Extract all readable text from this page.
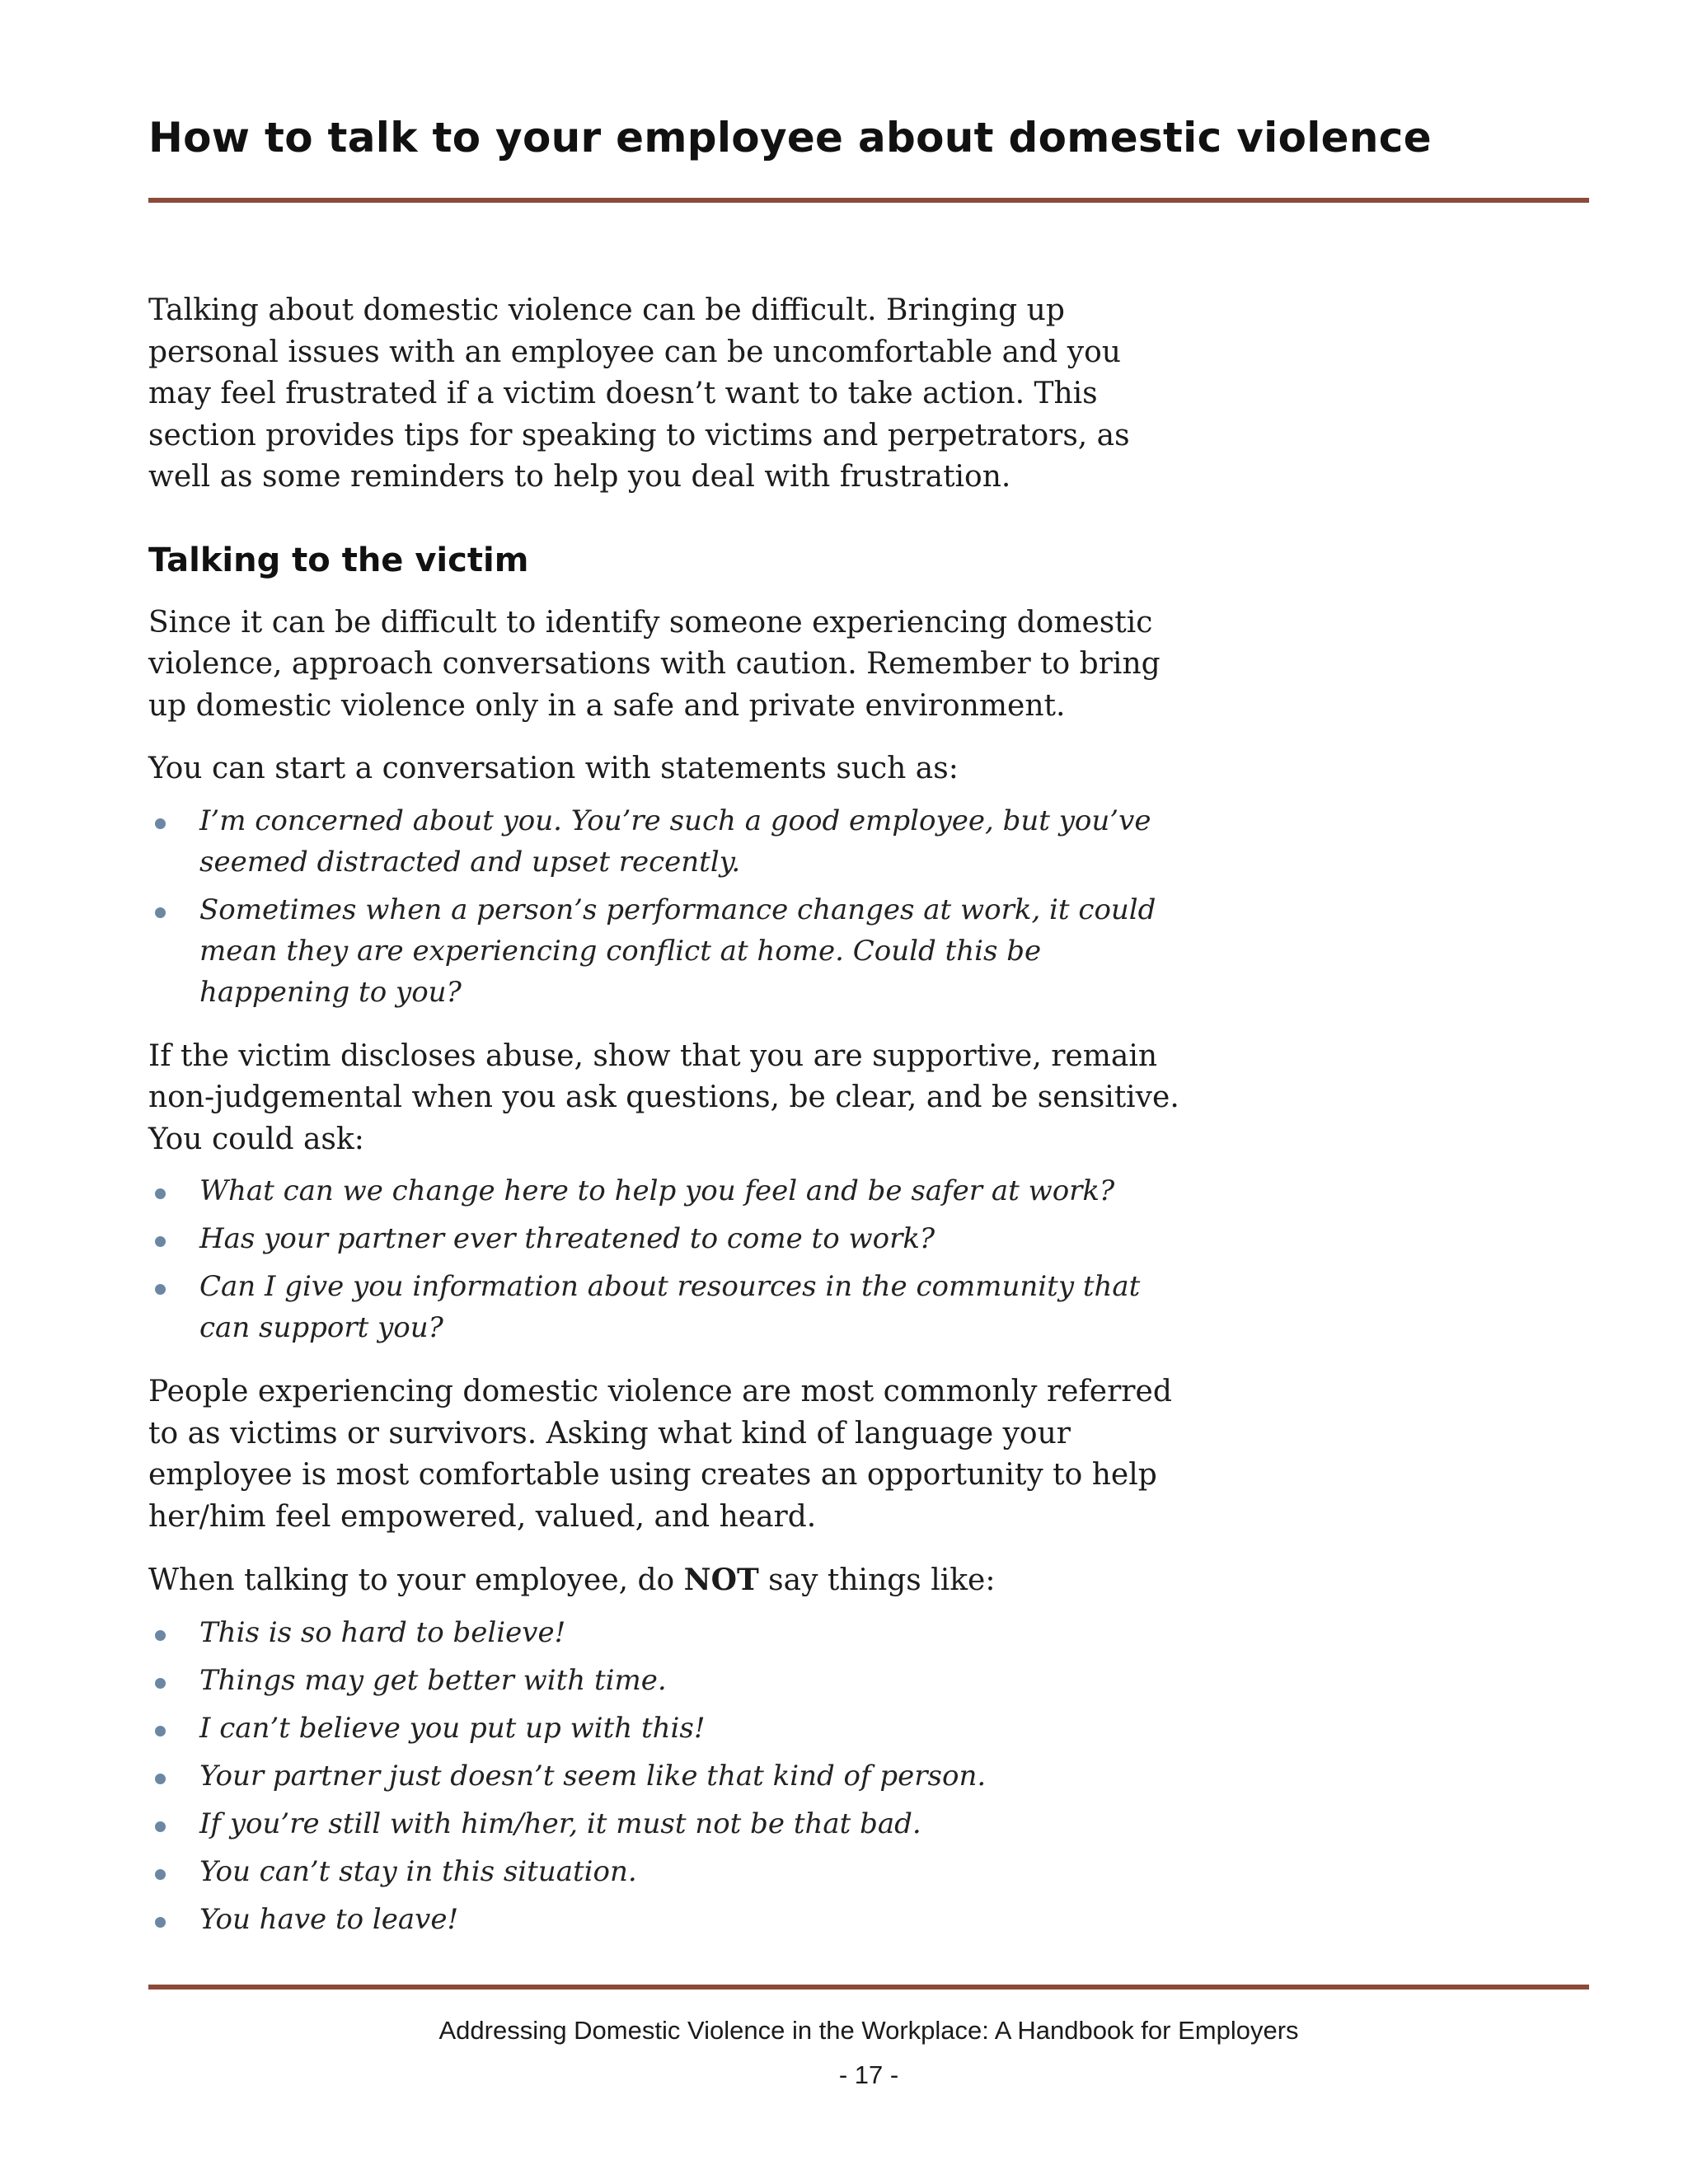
How to talk to your employee about domestic violence

Talking about domestic violence can be difficult. Bringing up personal issues with an employee can be uncomfortable and you may feel frustrated if a victim doesn’t want to take action. This section provides tips for speaking to victims and perpetrators, as well as some reminders to help you deal with frustration.

Talking to the victim

Since it can be difficult to identify someone experiencing domestic violence, approach conversations with caution. Remember to bring up domestic violence only in a safe and private environment.

You can start a conversation with statements such as:

I’m concerned about you. You’re such a good employee, but you’ve seemed distracted and upset recently.
Sometimes when a person’s performance changes at work, it could mean they are experiencing conflict at home. Could this be happening to you?

If the victim discloses abuse, show that you are supportive, remain non-judgemental when you ask questions, be clear, and be sensitive. You could ask:

What can we change here to help you feel and be safer at work?
Has your partner ever threatened to come to work?
Can I give you information about resources in the community that can support you?

People experiencing domestic violence are most commonly referred to as victims or survivors. Asking what kind of language your employee is most comfortable using creates an opportunity to help her/him feel empowered, valued, and heard.

When talking to your employee, do NOT say things like:

This is so hard to believe!
Things may get better with time.
I can’t believe you put up with this!
Your partner just doesn’t seem like that kind of person.
If you’re still with him/her, it must not be that bad.
You can’t stay in this situation.
You have to leave!
Addressing Domestic Violence in the Workplace: A Handbook for Employers
- 17 -
